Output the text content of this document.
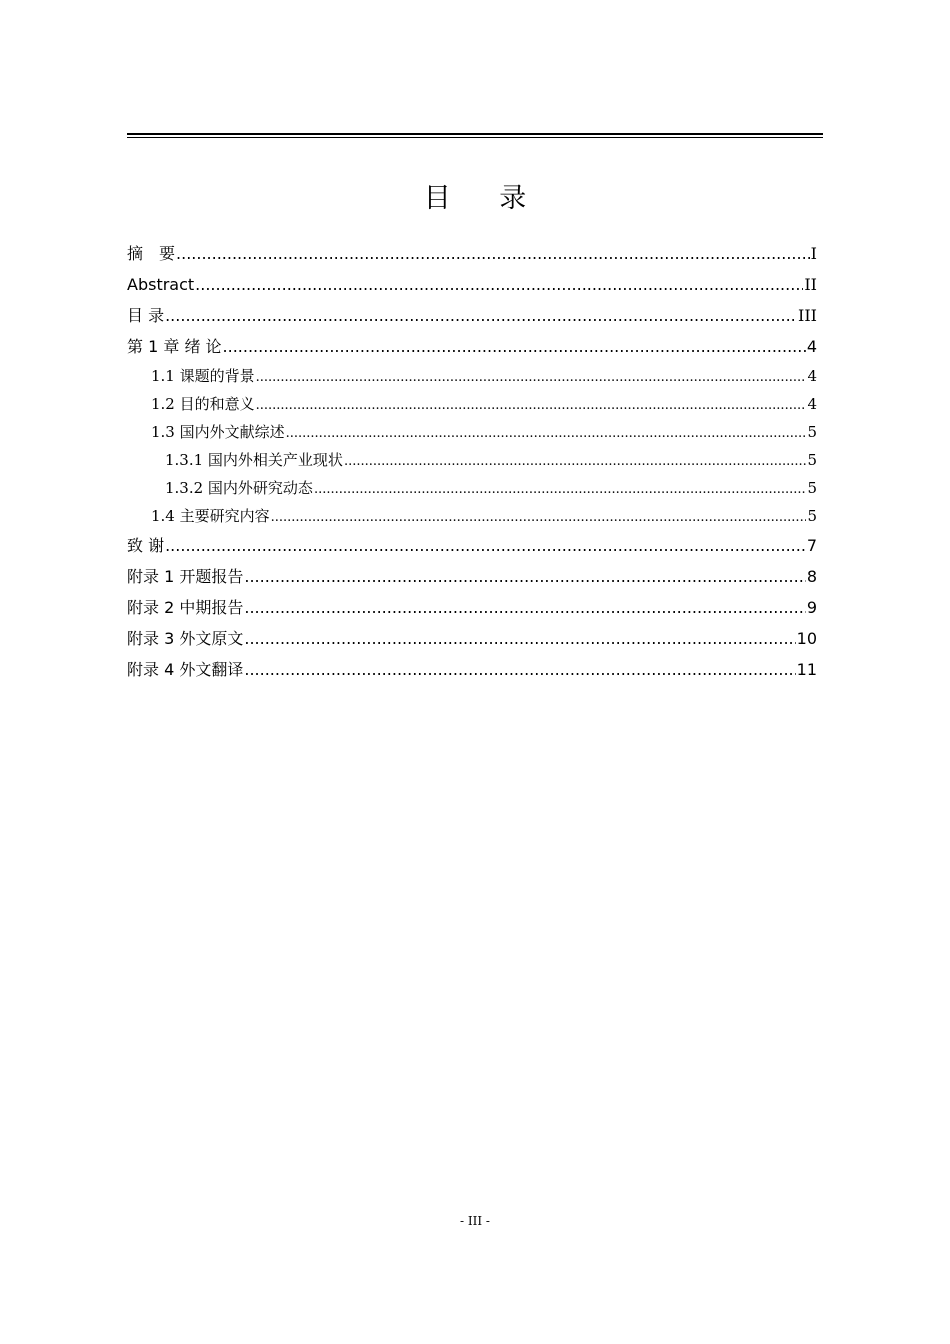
目 录
摘　要 .....	I
Abstract .....	II
目 录 .....	III
第 1 章 绪 论 .....	4
1.1 课题的背景 .....	4
1.2 目的和意义 .....	4
1.3 国内外文献综述 .....	5
1.3.1 国内外相关产业现状 .....	5
1.3.2 国内外研究动态 .....	5
1.4 主要研究内容 .....	5
致 谢 .....	7
附录 1 开题报告 .....	8
附录 2 中期报告 .....	9
附录 3 外文原文 .....	10
附录 4 外文翻译 .....	11
- III -
